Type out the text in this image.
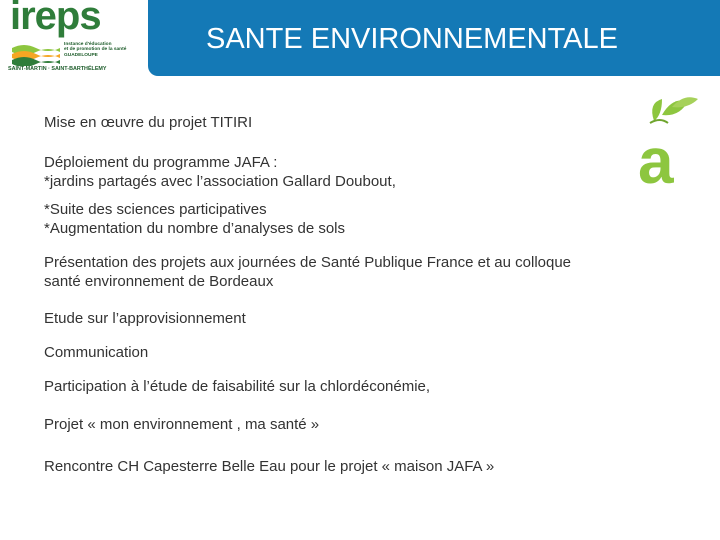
ireps
Instance d'éducation
et de promotion de la santé
GUADELOUPE
SAINT-MARTIN · SAINT-BARTHÉLEMY
SANTE ENVIRONNEMENTALE
a

Mise en œuvre du projet TITIRI

Déploiement du programme JAFA :
*jardins partagés avec l’association Gallard Doubout,

*Suite des sciences participatives
*Augmentation du nombre d’analyses de sols

Présentation des projets aux journées de Santé Publique France et au colloque
santé environnement de Bordeaux

Etude sur l’approvisionnement

Communication

Participation à l’étude de faisabilité sur la chlordéconémie,

Projet « mon environnement , ma santé »

Rencontre CH Capesterre Belle Eau pour le projet « maison JAFA »
